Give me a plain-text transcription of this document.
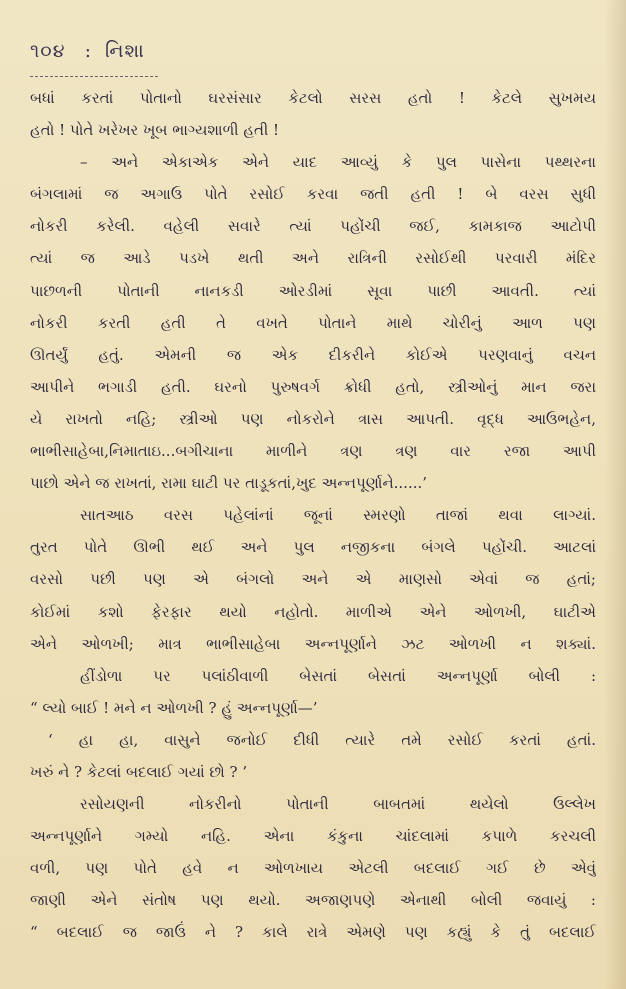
૧૦૪ : નિશા
બધાં કરતાં પોતાનો ઘરસંસાર કેટલો સરસ હતો ! કેટલે સુખમય
હતો ! પોતે ખરેખર ખૂબ ભાગ્યશાળી હતી !
– અને એકાએક એને યાદ આવ્યું કે પુલ પાસેના પથ્થરના
બંગલામાં જ અગાઉ પોતે રસોઈ કરવા જતી હતી ! બે વરસ સુધી
નોકરી કરેલી. વહેલી સવારે ત્યાં પહોંચી જઈ, કામકાજ આટોપી
ત્યાં જ આડે પડખે થતી અને રાત્રિની રસોઈથી પરવારી મંદિર
પાછળની પોતાની નાનકડી ઓરડીમાં સૂવા પાછી આવતી. ત્યાં
નોકરી કરતી હતી તે વખતે પોતાને માથે ચોરીનું આળ પણ
ઊતર્યું હતું. એમની જ એક દીકરીને કોઈએ પરણવાનું વચન
આપીને ભગાડી હતી. ઘરનો પુરુષવર્ગ ક્રોધી હતો, સ્ત્રીઓનું માન જરા
યે રાખતો નહિ; સ્ત્રીઓ પણ નોકરોને ત્રાસ આપતી. વૃદ્ધ આઉભહેન,
ભાભીસાહેબા,નિમાતાઇ...બગીચાના માળીને ત્રણ ત્રણ વાર રજા આપી
પાછો એને જ રાખતાં, રામા ઘાટી પર તાડૂકતાં,ખુદ અન્નપૂર્ણાને......’
સાતઆઠ વરસ પહેલાંનાં જૂનાં સ્મરણો તાજાં થવા લાગ્યાં.
તુરત પોતે ઊભી થઈ અને પુલ નજીકના બંગલે પહોંચી. આટલાં
વરસો પછી પણ એ બંગલો અને એ માણસો એવાં જ હતાં;
કોઈમાં કશો ફેરફાર થયો નહોતો. માળીએ એને ઓળખી, ઘાટીએ
એને ઓળખી; માત્ર ભાભીસાહેબા અન્નપૂર્ણાને ઝટ ઓળખી ન શક્યાં.
હીંડોળા પર પલાંઠીવાળી બેસતાં બેસતાં અન્નપૂર્ણા બોલી :
“ લ્યો બાઈ ! મને ન ઓળખી ? હું અન્નપૂર્ણા—’
‘ હા હા, વાસુને જનોઈ દીધી ત્યારે તમે રસોઈ કરતાં હતાં.
ખરું ને ? કેટલાં બદલાઈ ગયાં છો ? ’
રસોયણની નોકરીનો પોતાની બાબતમાં થયેલો ઉલ્લેખ
અન્નપૂર્ણાને ગમ્યો નહિ. એના કંકુના ચાંદલામાં કપાળે કરચલી
વળી, પણ પોતે હવે ન ઓળખાય એટલી બદલાઈ ગઈ છે એવું
જાણી એને સંતોષ પણ થયો. અજાણપણે એનાથી બોલી જવાયું :
“ બદલાઈ જ જાઉં ને ? કાલે રાત્રે એમણે પણ કહ્યું કે તું બદલાઈ
